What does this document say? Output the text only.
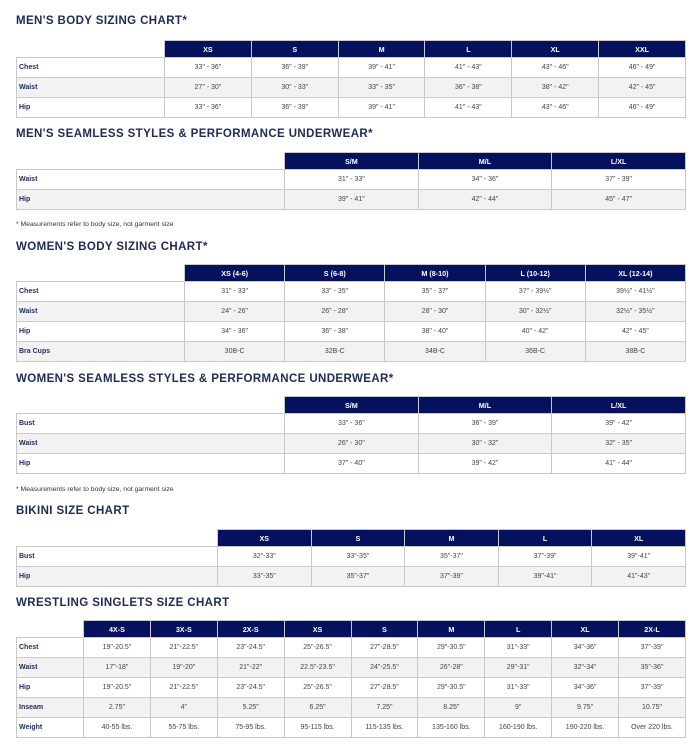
MEN'S BODY SIZING CHART*
	XS	S	M	L	XL	XXL
Chest	33" - 36"	36" - 39"	39" - 41"	41" - 43"	43" - 46"	46" - 49"
Waist	27" - 30"	30" - 33"	33" - 35"	36" - 38"	38" - 42"	42" - 45"
Hip	33" - 36"	36" - 39"	39" - 41"	41" - 43"	43" - 46"	46" - 49"
MEN'S SEAMLESS STYLES & PERFORMANCE UNDERWEAR*
	S/M	M/L	L/XL
Waist	31" - 33"	34" - 36"	37" - 39"
Hip	39" - 41"	42" - 44"	45" - 47"
* Measurements refer to body size, not garment size
WOMEN'S BODY SIZING CHART*
	XS (4-6)	S (6-8)	M (8-10)	L (10-12)	XL (12-14)
Chest	31" - 33"	33" - 35"	35" - 37"	37" - 39½"	39½" - 41½"
Waist	24" - 26"	26" - 28"	28" - 30"	30" - 32½"	32½" - 35½"
Hip	34" - 36"	36" - 38"	38" - 40"	40" - 42"	42" - 45"
Bra Cups	30B-C	32B-C	34B-C	36B-C	38B-C
WOMEN'S SEAMLESS STYLES & PERFORMANCE UNDERWEAR*
	S/M	M/L	L/XL
Bust	33" - 36"	36" - 39"	39" - 42"
Waist	26" - 30"	30" - 32"	32" - 35"
Hip	37" - 40"	39" - 42"	41" - 44"
* Measurements refer to body size, not garment size
BIKINI SIZE CHART
	XS	S	M	L	XL
Bust	32"-33"	33"-35"	35"-37"	37"-39"	39"-41"
Hip	33"-35"	35"-37"	37"-39"	39"-41"	41"-43"
WRESTLING SINGLETS SIZE CHART
	4X-S	3X-S	2X-S	XS	S	M	L	XL	2X-L
Chest	19"-20.5"	21"-22.5"	23"-24.5"	25"-26.5"	27"-28.5"	29"-30.5"	31"-33"	34"-36"	37"-39"
Waist	17"-18"	19"-20"	21"-22"	22.5"-23.5"	24"-25.5"	26"-28"	29"-31"	32"-34"	35"-36"
Hip	19"-20.5"	21"-22.5"	23"-24.5"	25"-26.5"	27"-28.5"	29"-30.5"	31"-33"	34"-36"	37"-39"
Inseam	2.75"	4"	5.25"	6.25"	7.25"	8.25"	9"	9.75"	10.75"
Weight	40-55 lbs.	55-75 lbs.	75-95 lbs.	95-115 lbs.	115-135 lbs.	135-160 lbs.	160-190 lbs.	190-220 lbs.	Over 220 lbs.
